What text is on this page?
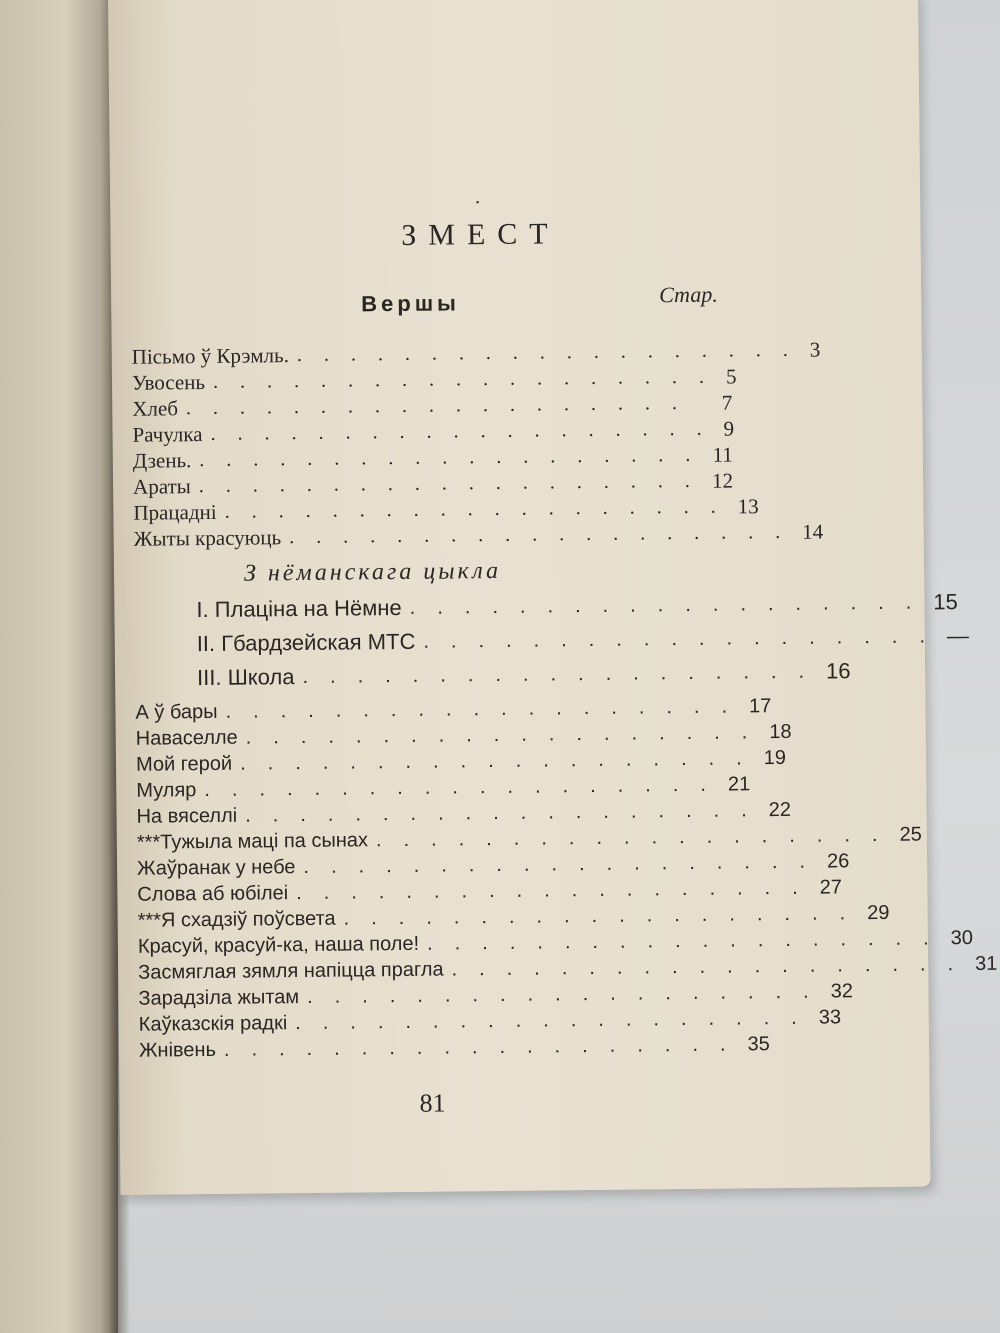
.
ЗМЕСТ
Вершы	Стар.
Пісьмо ў Крэмль. ................... 3
Увосень ................... 5
Хлеб ...................	7
Рачулка ................... 9
Дзень. ................... 11
Араты ................... 12
Працадні ................... 13
Жыты красуюць ................... 14
З нёманскага цыкла
I. Плаціна на Нёмне ................... 15
II. Гбардзейская МТС ................... —
III. Школа ................... 16
А ў бары ................... 17
Наваселле ................... 18
Мой герой ................... 19
Муляр ................... 21
На вяселлі ................... 22
***Тужыла маці па сынах ................... 25
Жаўранак у небе ................... 26
Слова аб юбілеі ................... 27
***Я схадзіў поўсвета ................... 29
Красуй, красуй-ка, наша поле! ................... 30
Засмяглая зямля напіцца прагла ................... 31
Зарадзіла жытам ................... 32
Каўказскія радкі ................... 33
Жнівень ................... 35
81
